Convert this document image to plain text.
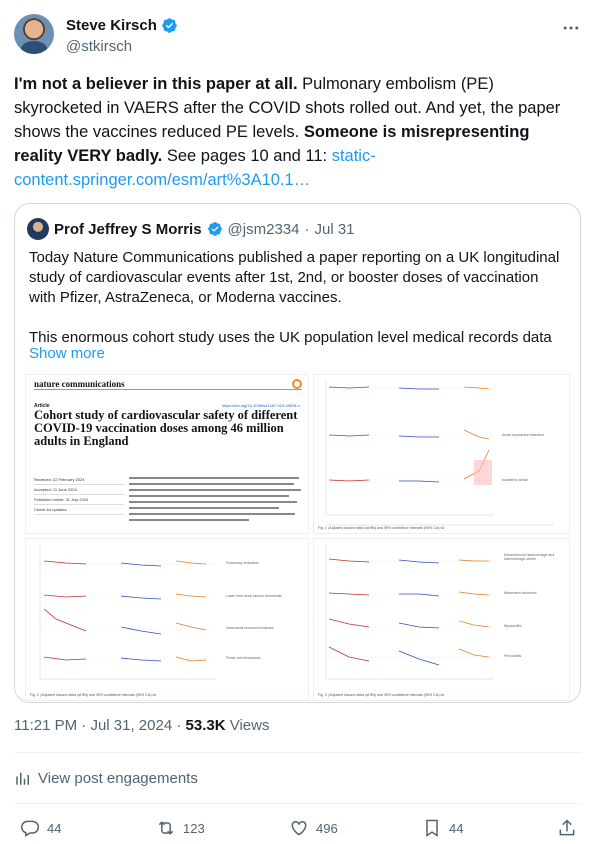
Steve Kirsch
@stkirsch
I'm not a believer in this paper at all. Pulmonary embolism (PE) skyrocketed in VAERS after the COVID shots rolled out. And yet, the paper shows the vaccines reduced PE levels. Someone is misrepresenting reality VERY badly. See pages 10 and 11: static-content.springer.com/esm/art%3A10.1…
Prof Jeffrey S Morris @jsm2334 · Jul 31

Today Nature Communications published a paper reporting on a UK longitudinal study of cardiovascular events after 1st, 2nd, or booster doses of vaccination with Pfizer, AstraZeneca, or Moderna vaccines.

This enormous cohort study uses the UK population level medical records data

Show more
nature communications
Article	https://doi.org/10.1038/s41467-024-49634-x
Cohort study of cardiovascular safety of different COVID-19 vaccination doses among 46 million adults in England
Received: 22 February 2024
Accepted: 11 June 2024
Published online: 31 July 2024
Check for updates
Acute myocardial infarction
Ischaemic stroke
Fig. 1 | Adjusted hazard ratios (aHRs) and 95% confidence intervals (95% CIs) for
Pulmonary embolism
Lower limb deep venous thrombosis
Intracranial venous thrombosis
Portal vein thrombosis
Fig. 2 | Adjusted hazard ratios (aHRs) and 95% confidence intervals (95% CIs) for
Subarachnoid haemorrhage and haemorrhagic stroke
Mesenteric thrombus
Myocarditis
Pericarditis
Fig. 3 | Adjusted hazard ratios (aHRs) and 95% confidence intervals (95% CIs) for
11:21 PM · Jul 31, 2024 · 53.3K Views
View post engagements
44	123	496	44
